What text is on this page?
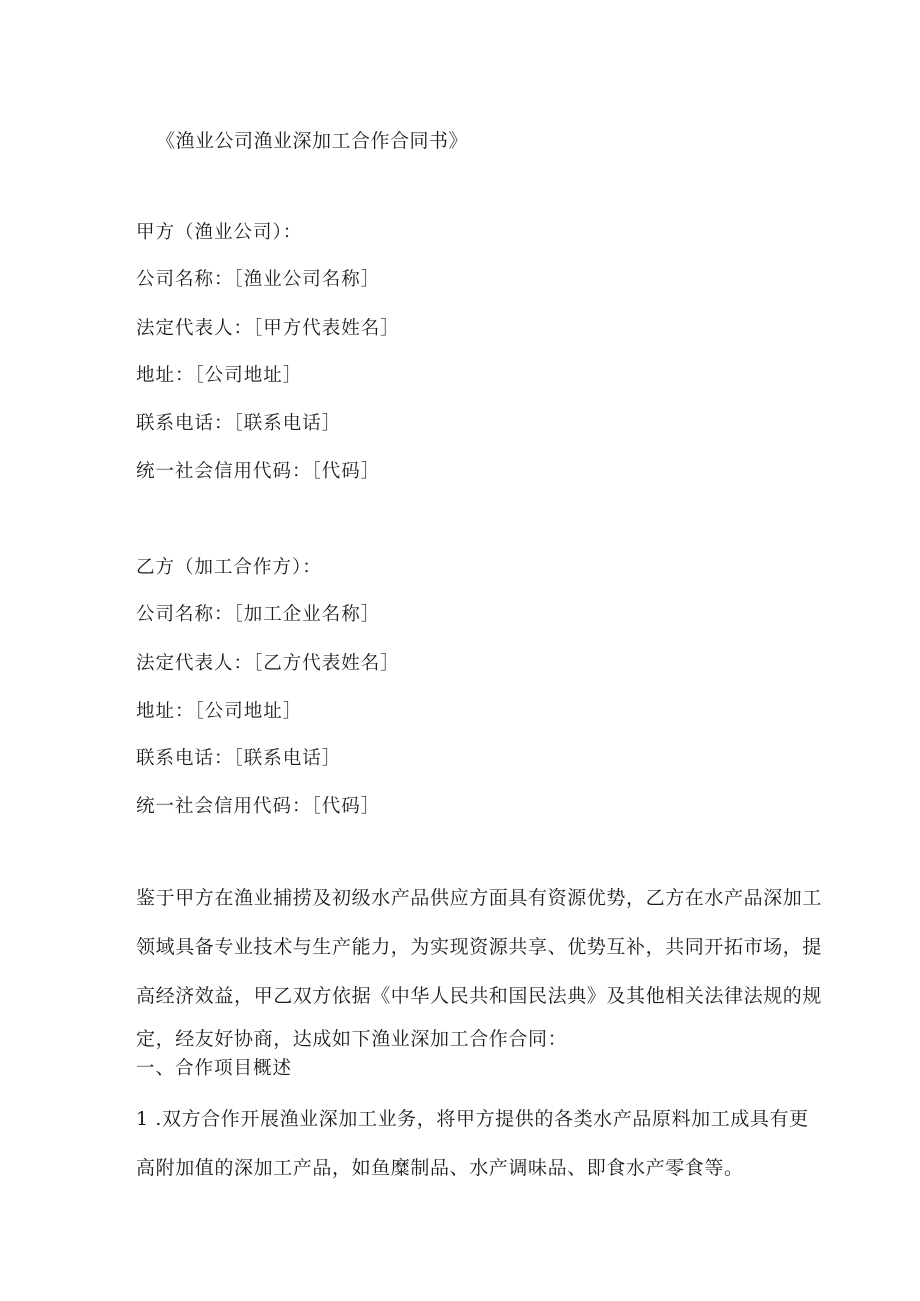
《渔业公司渔业深加工合作合同书》
甲方（渔业公司）：
公司名称：［渔业公司名称］
法定代表人：［甲方代表姓名］
地址：［公司地址］
联系电话：［联系电话］
统一社会信用代码：［代码］
乙方（加工合作方）：
公司名称：［加工企业名称］
法定代表人：［乙方代表姓名］
地址：［公司地址］
联系电话：［联系电话］
统一社会信用代码：［代码］
鉴于甲方在渔业捕捞及初级水产品供应方面具有资源优势，乙方在水产品深加工
领域具备专业技术与生产能力，为实现资源共享、优势互补，共同开拓市场，提
高经济效益，甲乙双方依据《中华人民共和国民法典》及其他相关法律法规的规
定，经友好协商，达成如下渔业深加工合作合同：
一、合作项目概述
1 .双方合作开展渔业深加工业务，将甲方提供的各类水产品原料加工成具有更
高附加值的深加工产品，如鱼糜制品、水产调味品、即食水产零食等。
